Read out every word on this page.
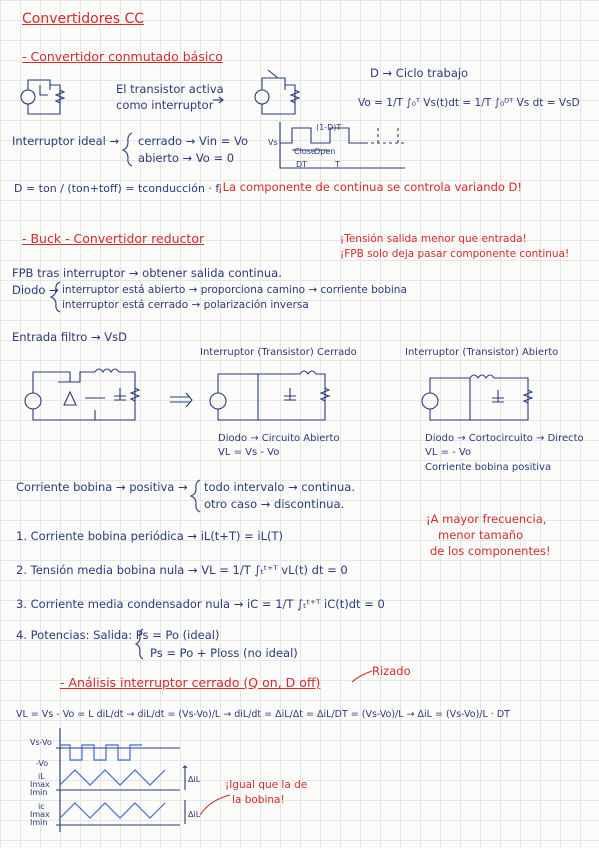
Convertidores CC
- Convertidor conmutado básico
El transistor activa
como interruptor
D → Ciclo trabajo
Vo = 1/T ∫₀ᵀ Vs(t)dt = 1/T ∫₀ᴰᵀ Vs dt = VsD
Interruptor ideal → cerrado → Vin = Vo
abierto → Vo = 0
Vs
Close
Open
DT	T
(1-D)T
D = ton / (ton+toff) = tconducción · f
¡La componente de continua se controla variando D!
- Buck - Convertidor reductor	¡Tensión salida menor que entrada!
¡FPB solo deja pasar componente continua!
FPB tras interruptor → obtener salida continua.
Diodo → interruptor está abierto → proporciona camino → corriente bobina
interruptor está cerrado → polarización inversa
Entrada filtro → VsD
Interruptor (Transistor) Cerrado	Interruptor (Transistor) Abierto
Diodo → Circuito Abierto
VL = Vs - Vo
Diodo → Cortocircuito → Directo
VL = - Vo
Corriente bobina positiva
Corriente bobina → positiva → todo intervalo → continua.
otro caso → discontinua.
¡A mayor frecuencia,
menor tamaño
de los componentes!
1. Corriente bobina periódica → iL(t+T) = iL(T)
2. Tensión media bobina nula → VL = 1/T ∫ₜᵗ⁺ᵀ vL(t) dt = 0
3. Corriente media condensador nula → iC = 1/T ∫ₜᵗ⁺ᵀ iC(t)dt = 0
4. Potencias: Salida: Ps = Po (ideal)
Ps = Po + Ploss (no ideal)
- Análisis interruptor cerrado (Q on, D off)
Rizado
VL = Vs - Vo = L diL/dt → diL/dt = (Vs-Vo)/L → diL/dt = ΔiL/Δt = ΔiL/DT = (Vs-Vo)/L → ΔiL = (Vs-Vo)/L · DT
Vs-Vo
-Vo
iL
Imax
Imin
ic
Imax
Imin
ΔiL
ΔiL
¡Igual que la de
la bobina!
